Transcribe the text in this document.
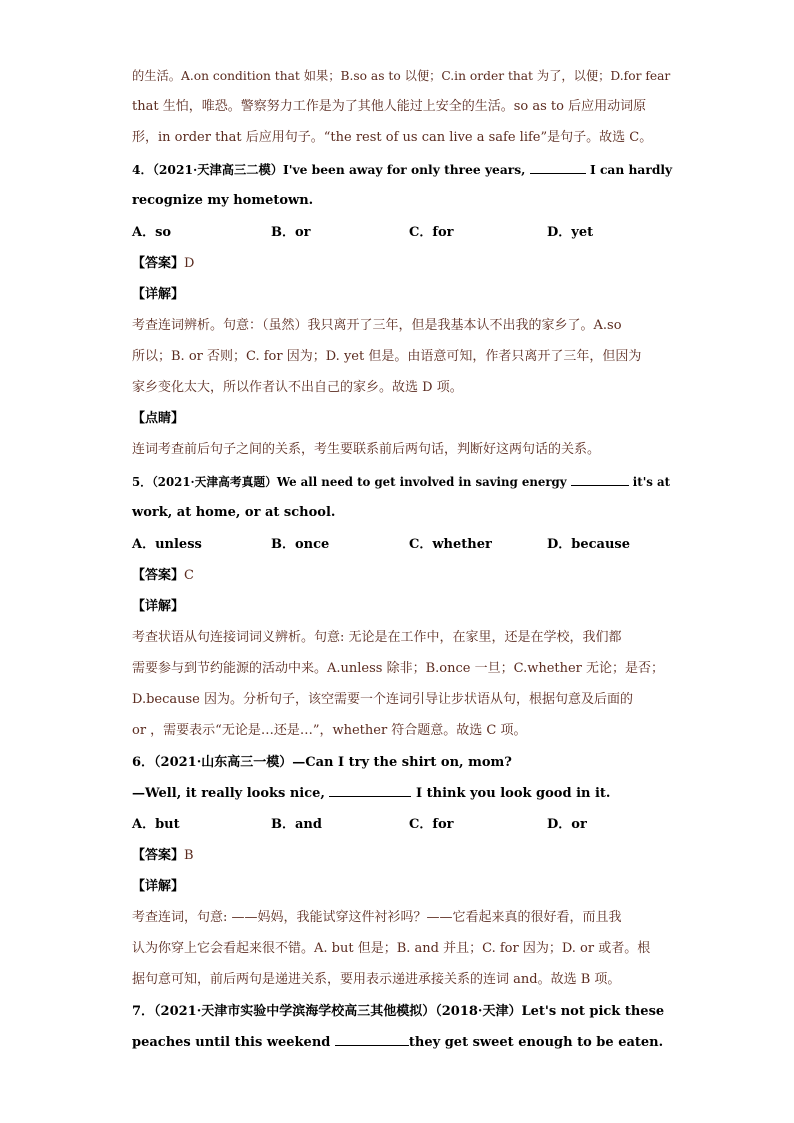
的生活。A.on condition that 如果；B.so as to 以便；C.in order that 为了，以便；D.for fear
that 生怕，唯恐。警察努力工作是为了其他人能过上安全的生活。so as to 后应用动词原
形，in order that 后应用句子。“the rest of us can live a safe life”是句子。故选 C。
4．（2021·天津高三二模）I've been away for only three years,	I can hardly
recognize my hometown.
A．so	B．or	C．for	D．yet
【答案】D
【详解】
考查连词辨析。句意：（虽然）我只离开了三年，但是我基本认不出我的家乡了。A.so
所以；B. or 否则；C. for 因为；D. yet 但是。由语意可知，作者只离开了三年，但因为
家乡变化太大，所以作者认不出自己的家乡。故选 D 项。
【点睛】
连词考查前后句子之间的关系，考生要联系前后两句话，判断好这两句话的关系。
5．（2021·天津高考真题）We all need to get involved in saving energy	it's at
work, at home, or at school.
A．unless	B．once	C．whether	D．because
【答案】C
【详解】
考查状语从句连接词词义辨析。句意: 无论是在工作中，在家里，还是在学校，我们都
需要参与到节约能源的活动中来。A.unless 除非；B.once 一旦；C.whether 无论；是否；
D.because 因为。分析句子，该空需要一个连词引导让步状语从句，根据句意及后面的
or ，需要表示“无论是…还是…”，whether 符合题意。故选 C 项。
6．（2021·山东高三一模）—Can I try the shirt on, mom?
—Well, it really looks nice,	I think you look good in it.
A．but	B．and	C．for	D．or
【答案】B
【详解】
考查连词，句意: ——妈妈，我能试穿这件衬衫吗？——它看起来真的很好看，而且我
认为你穿上它会看起来很不错。A. but 但是；B. and 并且；C. for 因为；D. or 或者。根
据句意可知，前后两句是递进关系，要用表示递进承接关系的连词 and。故选 B 项。
7．（2021·天津市实验中学滨海学校高三其他模拟）（2018·天津）Let's not pick these
peaches until this weekend	they get sweet enough to be eaten.
